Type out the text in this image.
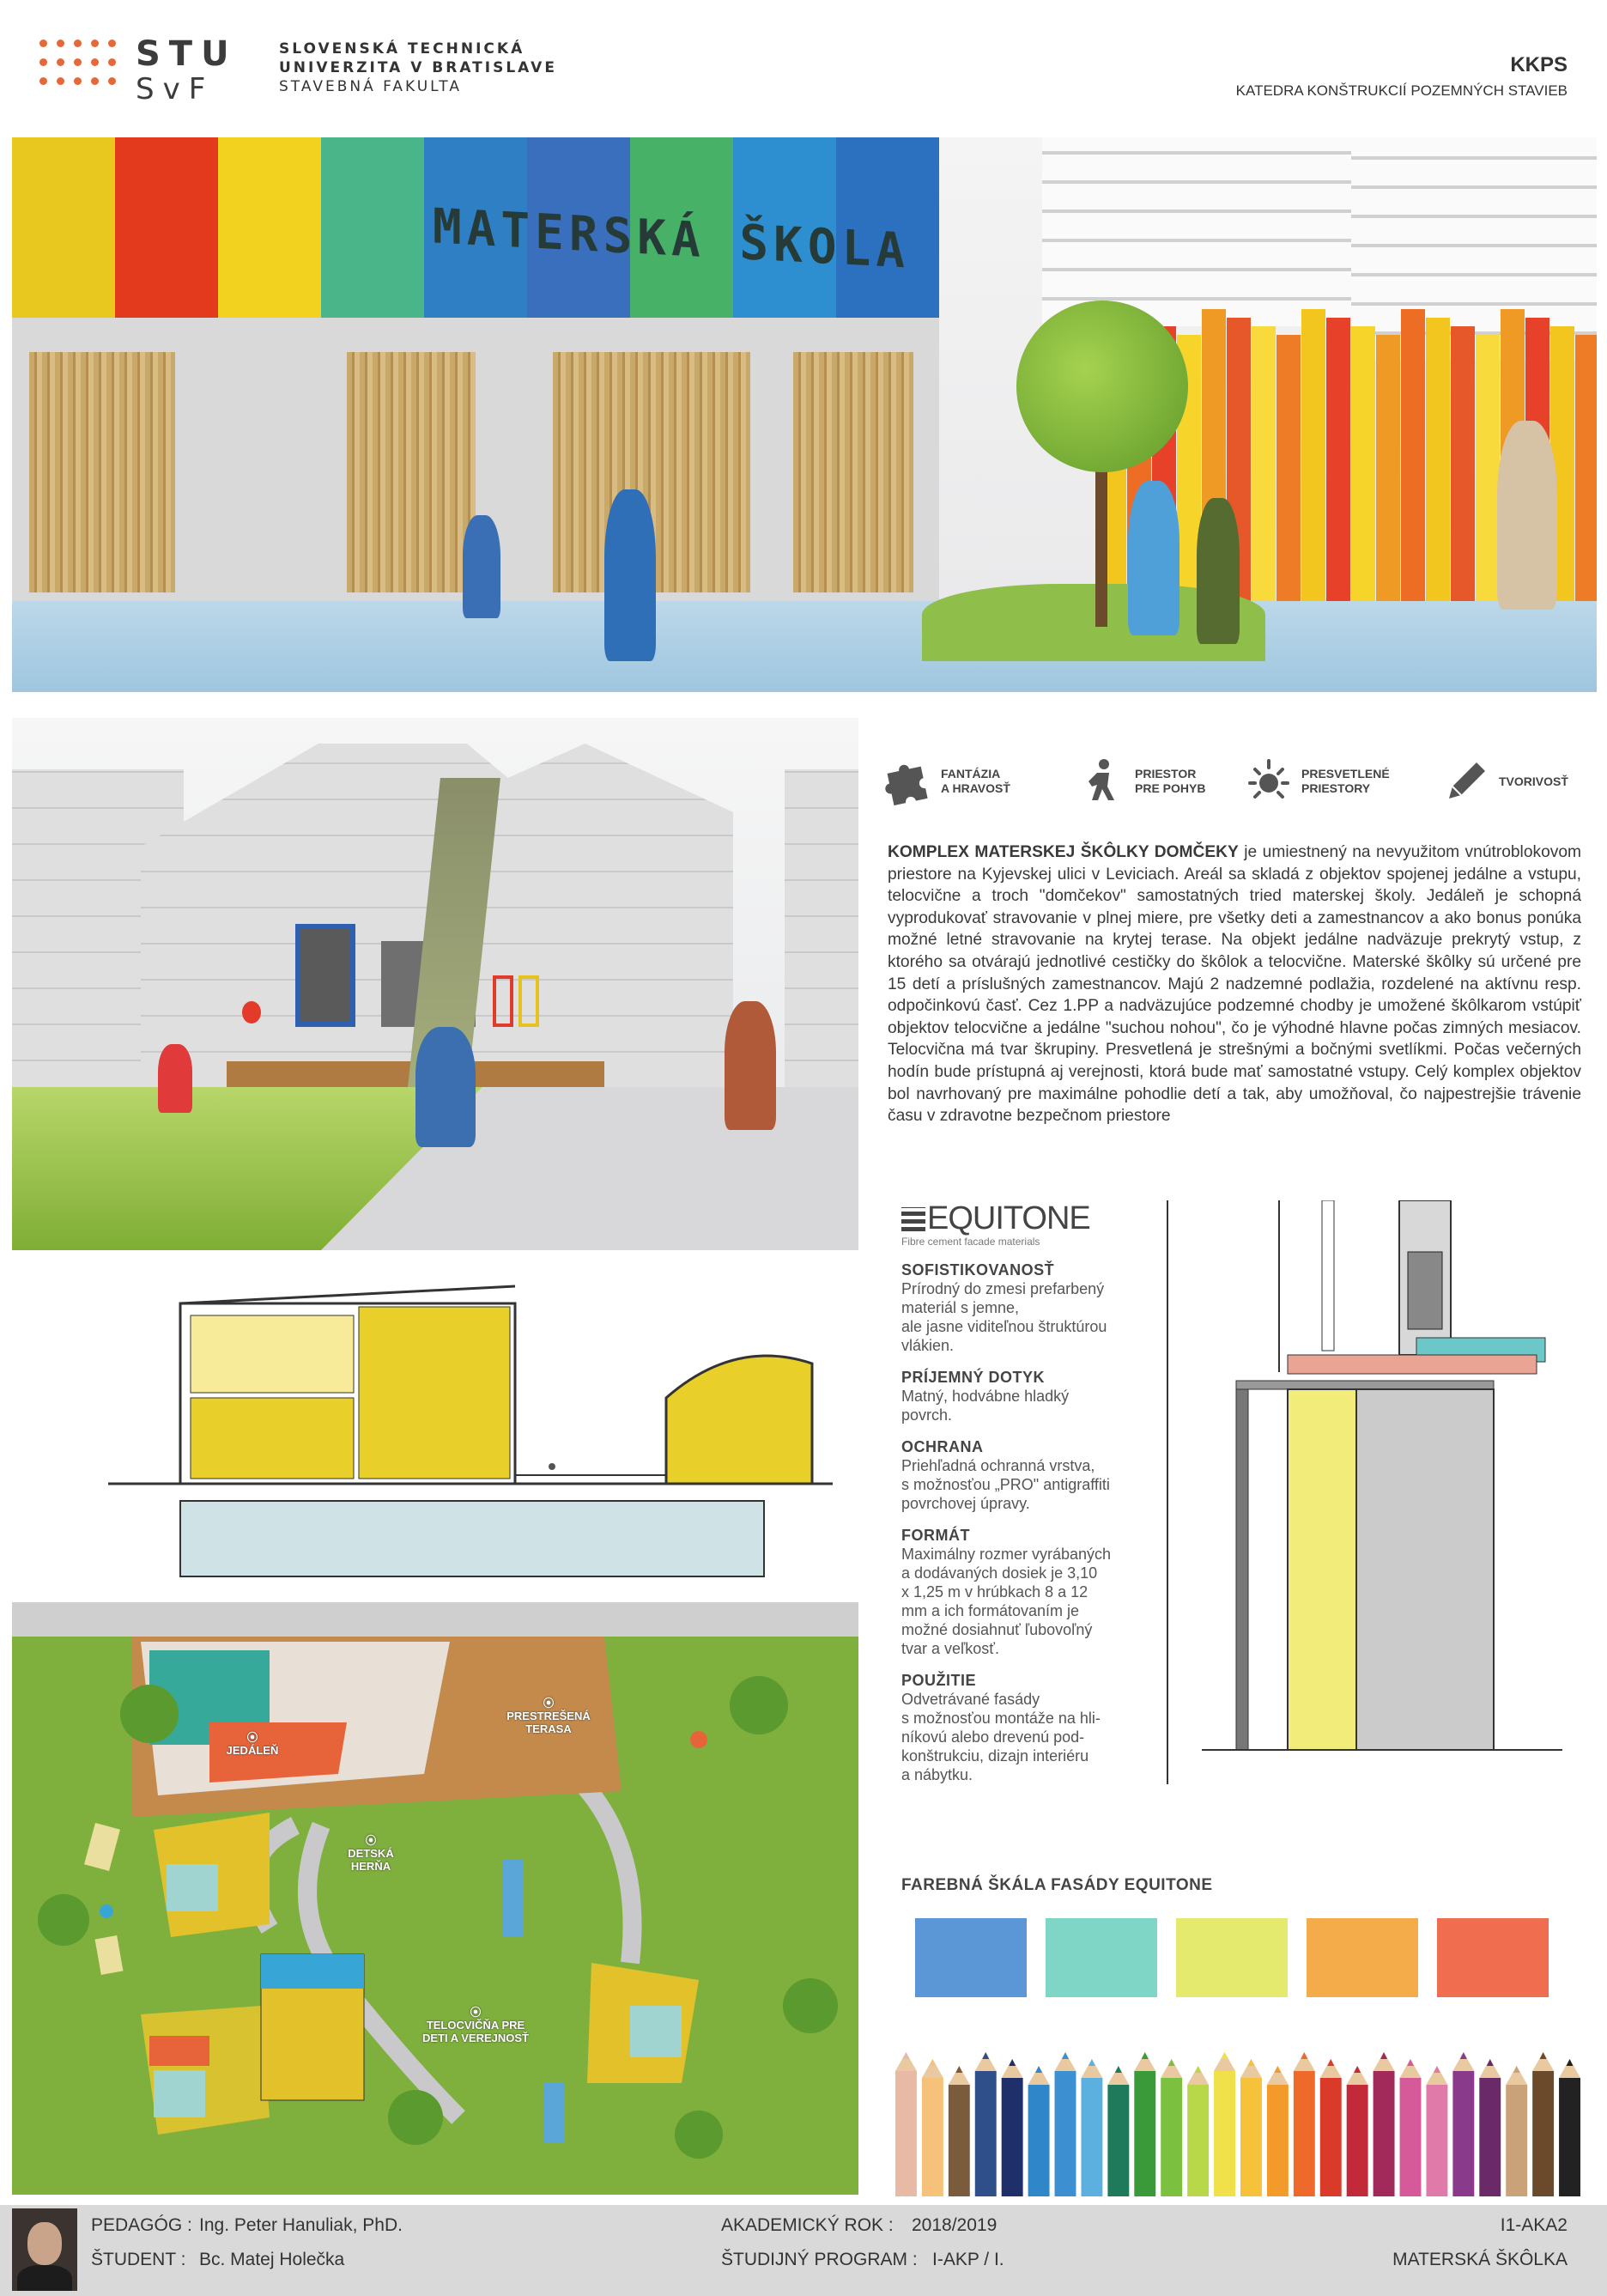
STU
SvF
SLOVENSKÁ TECHNICKÁ
UNIVERZITA V BRATISLAVE
STAVEBNÁ FAKULTA
KKPS
KATEDRA KONŠTRUKCIÍ POZEMNÝCH STAVIEB
MATERSKÁ ŠKOLA
FANTÁZIA
A HRAVOSŤ
PRIESTOR
PRE POHYB
PRESVETLENÉ
PRIESTORY
TVORIVOSŤ
KOMPLEX MATERSKEJ ŠKÔLKY DOMČEKY je umiestnený na nevyužitom vnútroblokovom priestore na Kyjevskej ulici v Leviciach. Areál sa skladá z objektov spojenej jedálne a vstupu, telocvične a troch "domčekov" samostatných tried materskej školy. Jedáleň je schopná vyprodukovať stravovanie v plnej miere, pre všetky deti a zamestnancov a ako bonus ponúka možné letné stravovanie na krytej terase. Na objekt jedálne nadväzuje prekrytý vstup, z ktorého sa otvárajú jednotlivé cestičky do škôlok a telocvične. Materské škôlky sú určené pre 15 detí a príslušných zamestnancov. Majú 2 nadzemné podlažia, rozdelené na aktívnu resp. odpočinkovú časť. Cez 1.PP a nadväzujúce podzemné chodby je umožené škôlkarom vstúpiť objektov telocvične a jedálne "suchou nohou", čo je výhodné hlavne počas zimných mesiacov. Telocvična má tvar škrupiny. Presvetlená je strešnými a bočnými svetlíkmi. Počas večerných hodín bude prístupná aj verejnosti, ktorá bude mať samostatné vstupy. Celý komplex objektov bol navrhovaný pre maximálne pohodlie detí a tak, aby umožňoval, čo najpestrejšie trávenie času v zdravotne bezpečnom priestore
EQUITONE
Fibre cement facade materials
SOFISTIKOVANOSŤ

Prírodný do zmesi prefarbený
materiál s jemne,
ale jasne viditeľnou štruktúrou
vlákien.

PRÍJEMNÝ DOTYK

Matný, hodvábne hladký
povrch.

OCHRANA

Priehľadná ochranná vrstva,
s možnosťou „PRO" antigraffiti
povrchovej úpravy.

FORMÁT

Maximálny rozmer vyrábaných
a dodávaných dosiek je 3,10
x 1,25 m v hrúbkach 8 a 12
mm a ich formátovaním je
možné dosiahnuť ľubovoľný
tvar a veľkosť.

POUŽITIE

Odvetrávané fasády
s možnosťou montáže na hli-
níkovú alebo drevenú pod-
konštrukciu, dizajn interiéru
a nábytku.

FAREBNÁ ŠKÁLA FASÁDY EQUITONE
⦿
JEDÁLEŇ
⦿
PRESTREŠENÁ TERASA
⦿
DETSKÁ HERŇA
⦿
TELOCVIČŇA PRE DETI A VEREJNOSŤ
PEDAGÓG : Ing. Peter Hanuliak, PhD.
ŠTUDENT : Bc. Matej Holečka
AKADEMICKÝ ROK : 2018/2019
ŠTUDIJNÝ PROGRAM : I-AKP / I.
I1-AKA2
MATERSKÁ ŠKÔLKA
